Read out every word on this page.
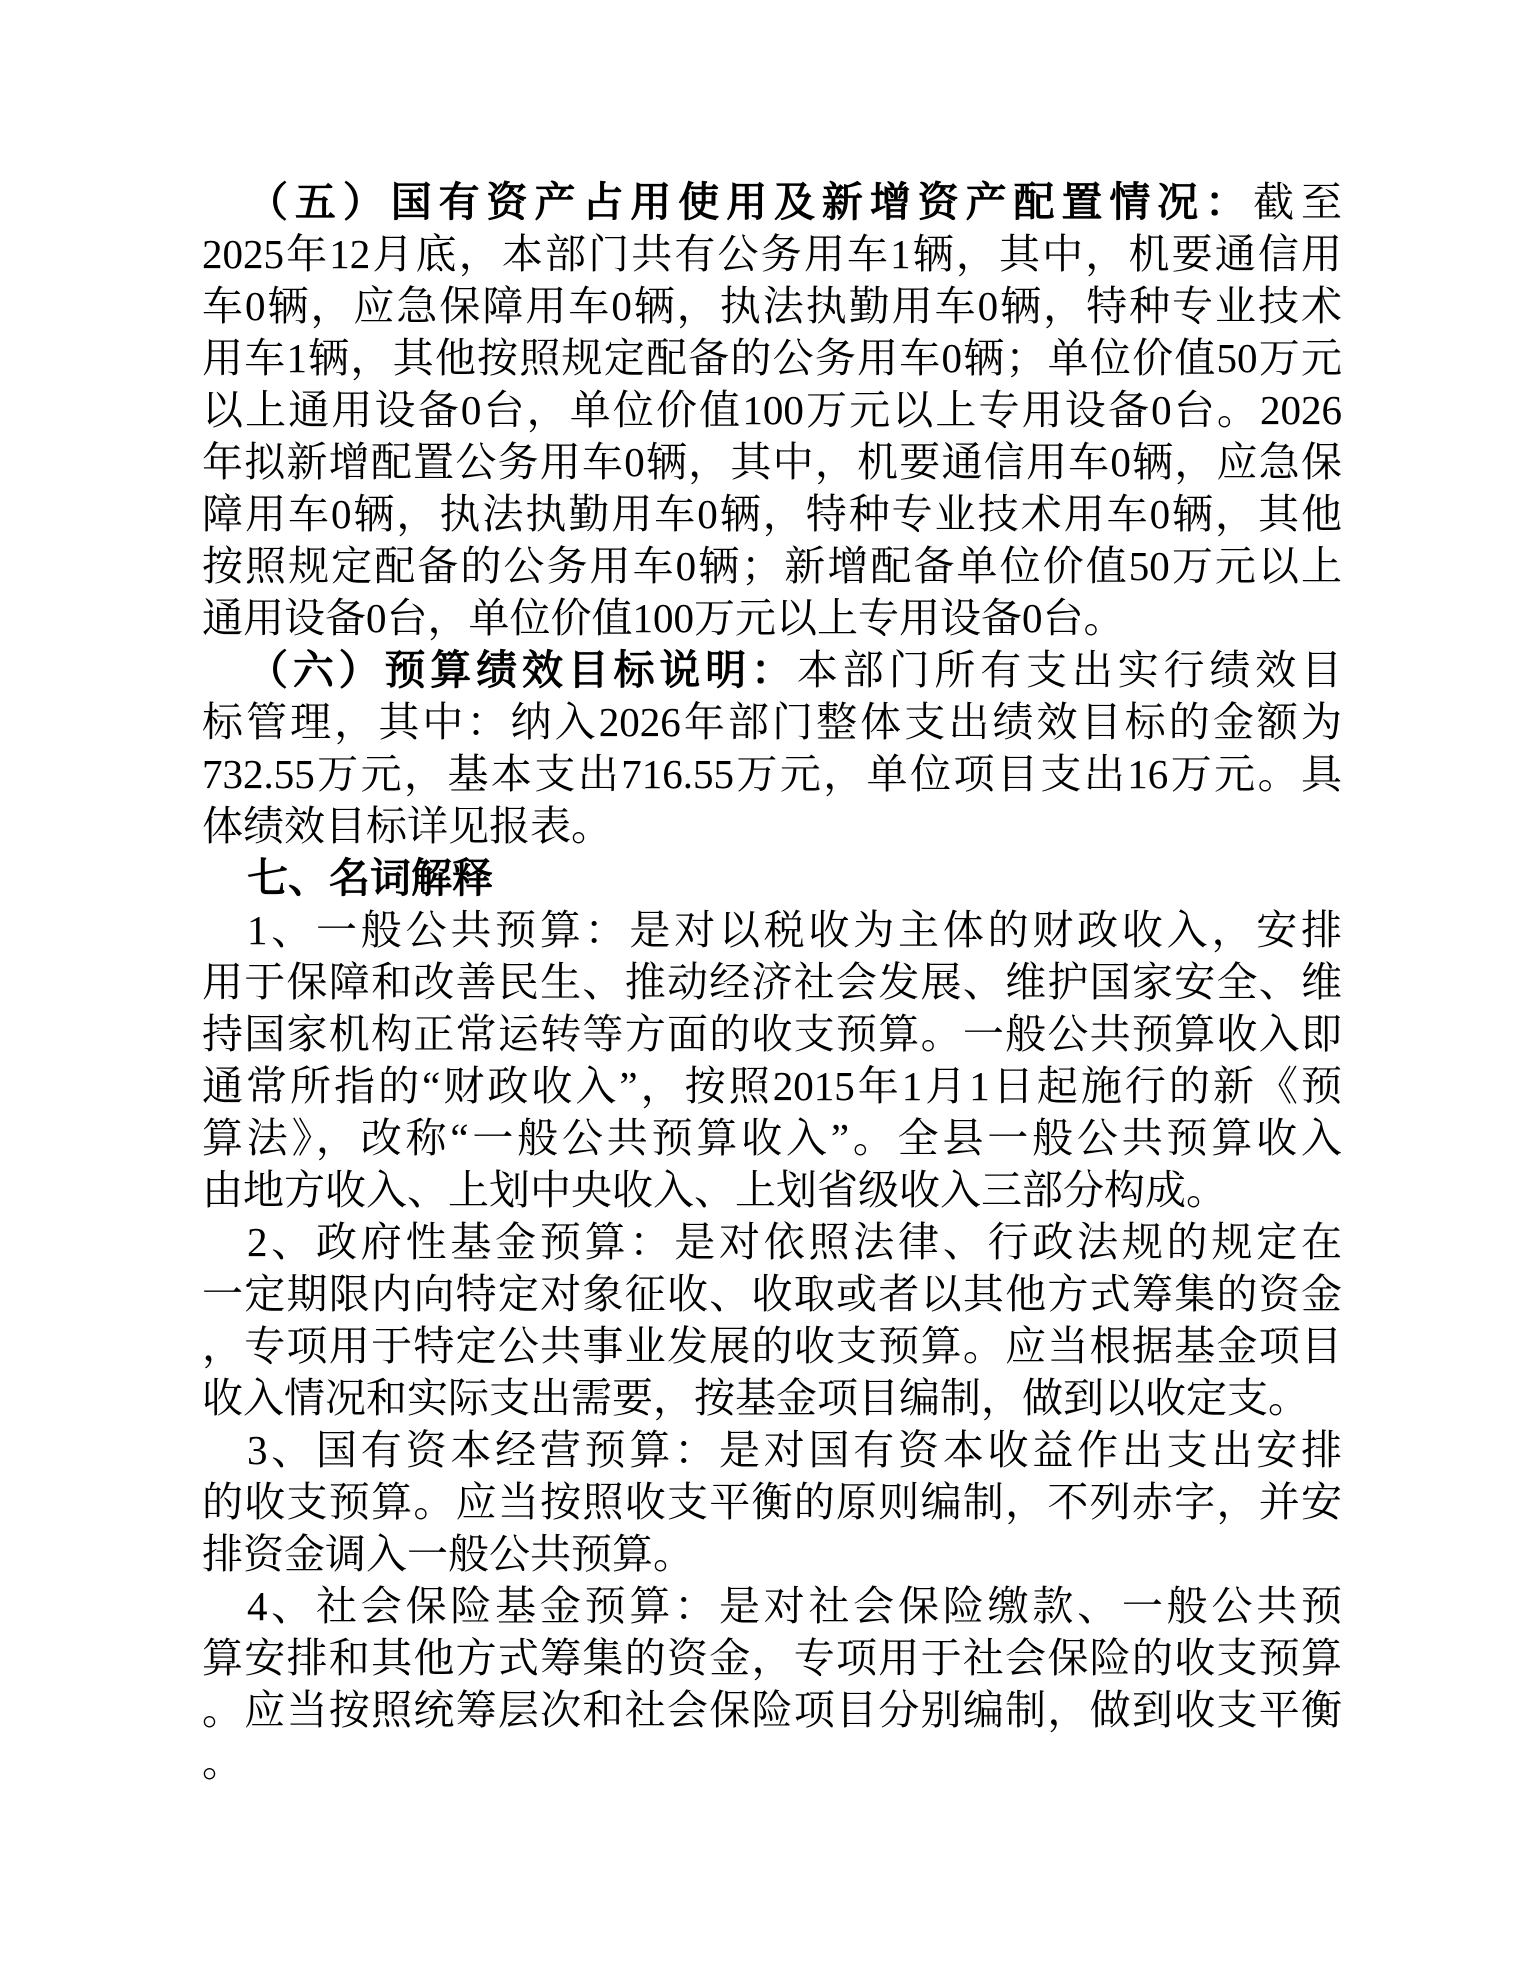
（五）国有资产占用使用及新增资产配置情况：截至
2025年12月底，本部门共有公务用车1辆，其中，机要通信用
车0辆，应急保障用车0辆，执法执勤用车0辆，特种专业技术
用车1辆，其他按照规定配备的公务用车0辆；单位价值50万元
以上通用设备0台，单位价值100万元以上专用设备0台。2026
年拟新增配置公务用车0辆，其中，机要通信用车0辆，应急保
障用车0辆，执法执勤用车0辆，特种专业技术用车0辆，其他
按照规定配备的公务用车0辆；新增配备单位价值50万元以上
通用设备0台，单位价值100万元以上专用设备0台。
（六）预算绩效目标说明：本部门所有支出实行绩效目
标管理，其中：纳入2026年部门整体支出绩效目标的金额为
732.55万元，基本支出716.55万元，单位项目支出16万元。具
体绩效目标详见报表。
七、名词解释
1、一般公共预算：是对以税收为主体的财政收入，安排
用于保障和改善民生、推动经济社会发展、维护国家安全、维
持国家机构正常运转等方面的收支预算。一般公共预算收入即
通常所指的“财政收入”，按照2015年1月1日起施行的新《预
算法》，改称“一般公共预算收入”。全县一般公共预算收入
由地方收入、上划中央收入、上划省级收入三部分构成。
2、政府性基金预算：是对依照法律、行政法规的规定在
一定期限内向特定对象征收、收取或者以其他方式筹集的资金
，专项用于特定公共事业发展的收支预算。应当根据基金项目
收入情况和实际支出需要，按基金项目编制，做到以收定支。
3、国有资本经营预算：是对国有资本收益作出支出安排
的收支预算。应当按照收支平衡的原则编制，不列赤字，并安
排资金调入一般公共预算。
4、社会保险基金预算：是对社会保险缴款、一般公共预
算安排和其他方式筹集的资金，专项用于社会保险的收支预算
。应当按照统筹层次和社会保险项目分别编制，做到收支平衡
。
